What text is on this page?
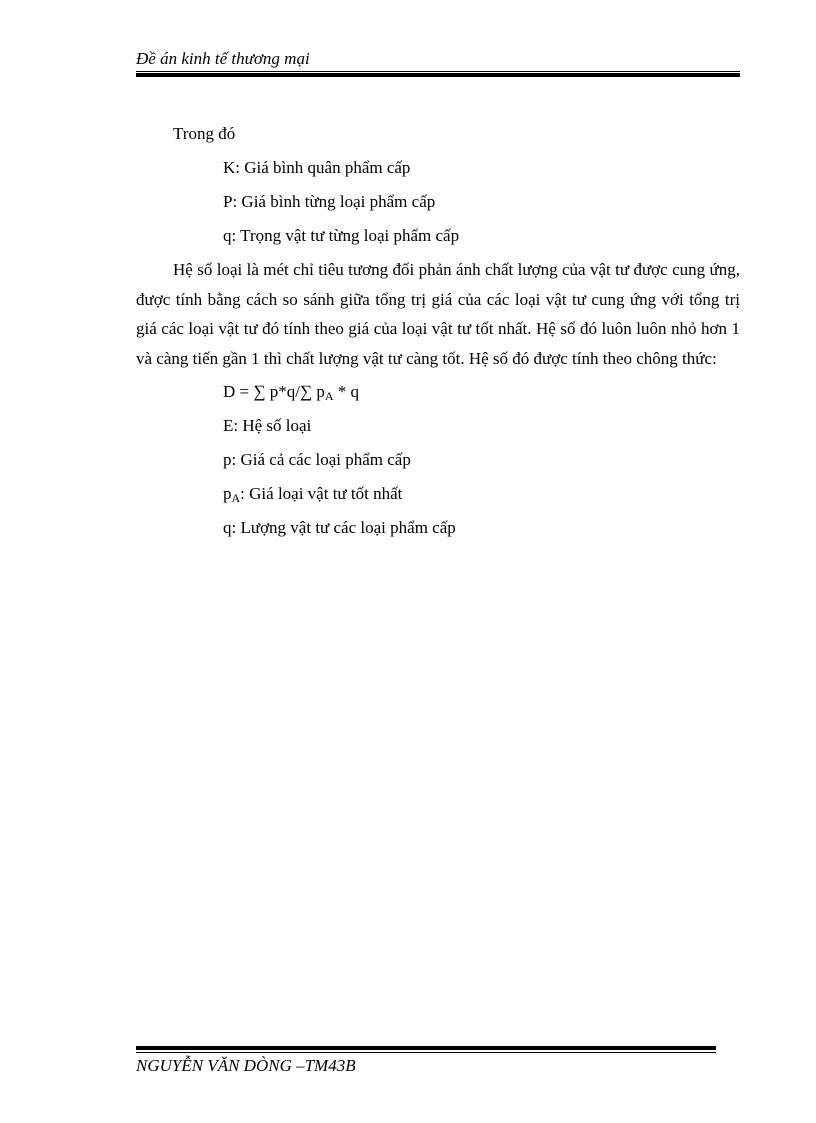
Đề án kinh tế thương mại
Trong đó
K: Giá bình quân phẩm cấp
P: Giá bình từng loại phẩm cấp
q: Trọng vật tư từng loại phẩm cấp
Hệ số loại là mét chỉ tiêu tương đối phản ánh chất lượng của vật tư được cung ứng, được tính bằng cách so sánh giữa tổng trị giá của các loại vật tư cung ứng với tổng trị giá các loại vật tư đó tính theo giá của loại vật tư tốt nhất. Hệ số đó luôn luôn nhỏ hơn 1 và càng tiến gần 1 thì chất lượng vật tư càng tốt. Hệ số đó được tính theo chông thức:
D = ∑ p*q/∑ $p_A$ * q
E: Hệ số loại
p: Giá cả các loại phẩm cấp
$p_A$: Giá loại vật tư tốt nhất
q: Lượng vật tư các loại phẩm cấp
NGUYỄN VĂN DÒNG –TM43B
